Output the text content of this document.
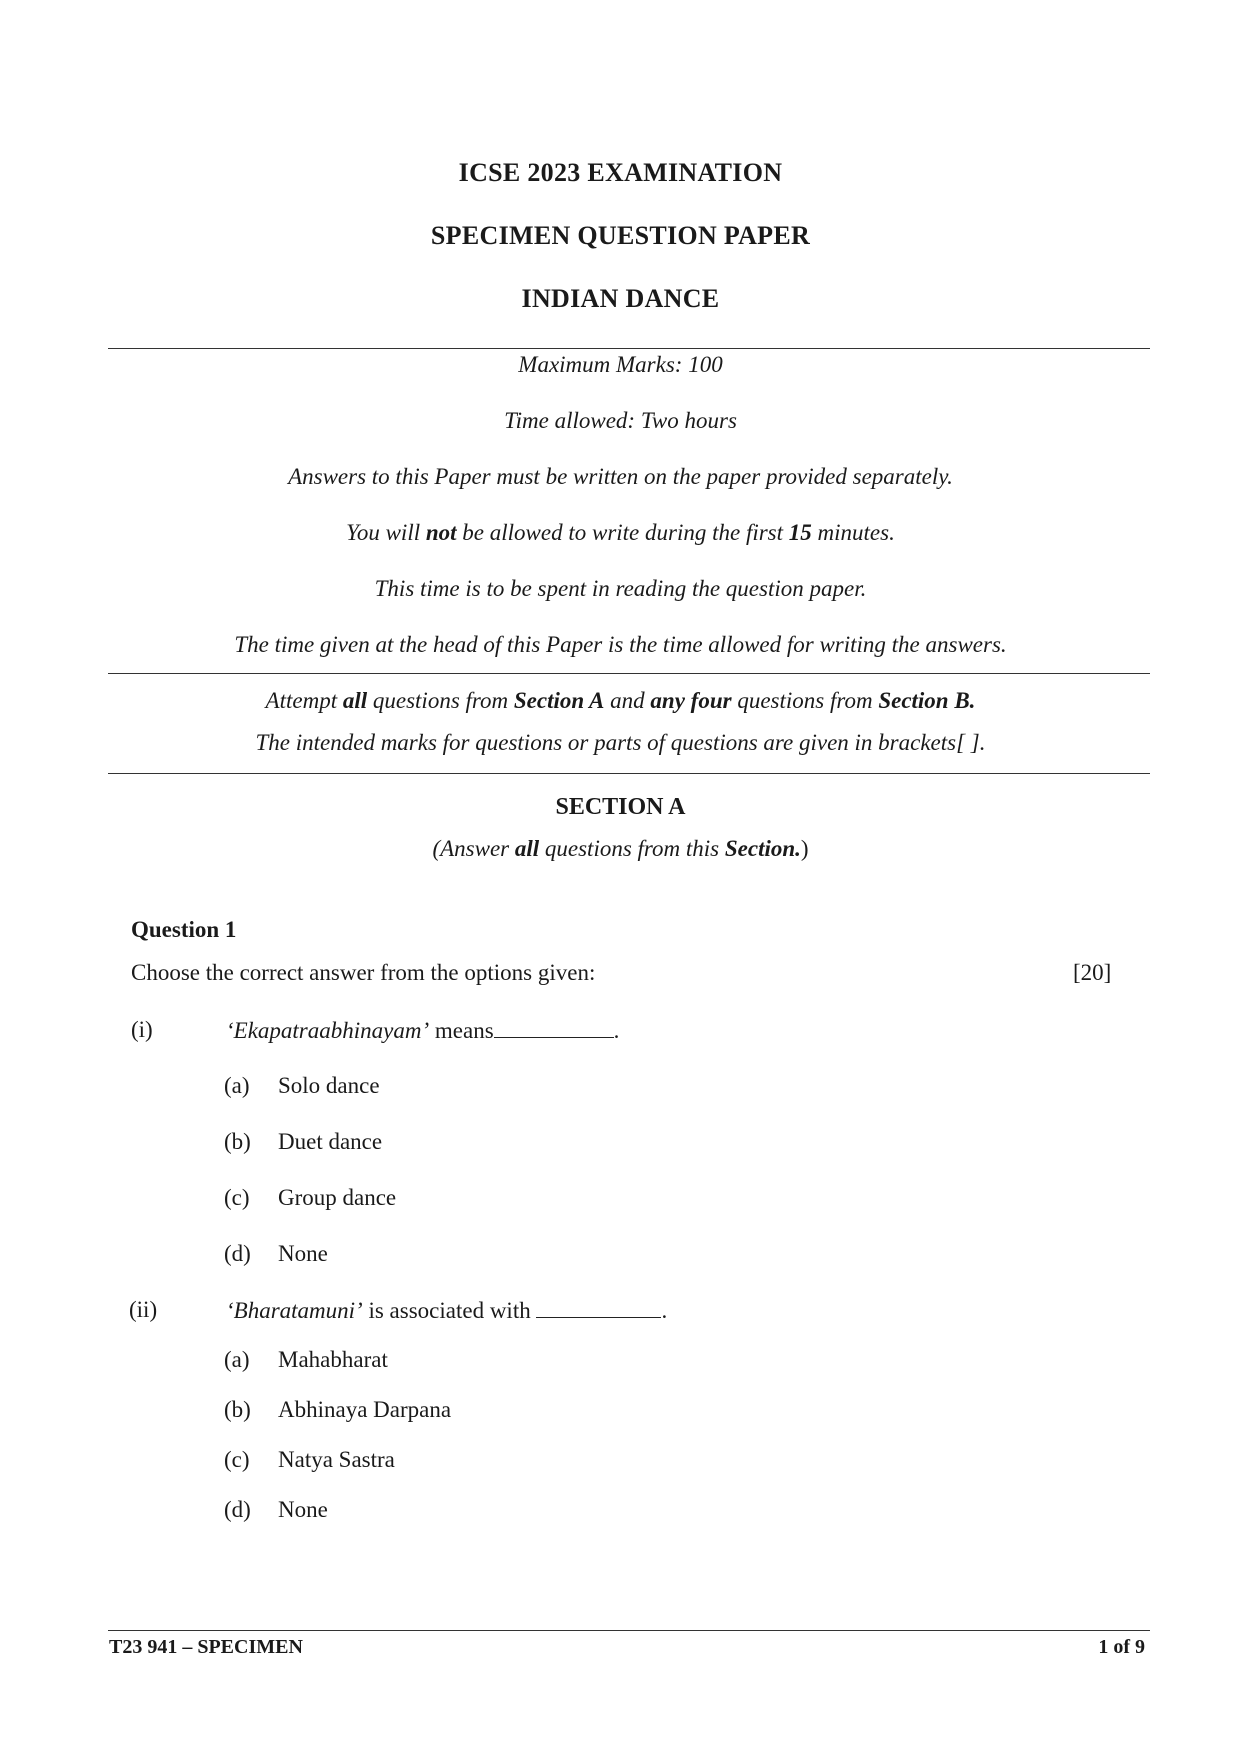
ICSE 2023 EXAMINATION
SPECIMEN QUESTION PAPER
INDIAN DANCE
Maximum Marks: 100
Time allowed: Two hours
Answers to this Paper must be written on the paper provided separately.
You will not be allowed to write during the first 15 minutes.
This time is to be spent in reading the question paper.
The time given at the head of this Paper is the time allowed for writing the answers.
Attempt all questions from Section A and any four questions from Section B.
The intended marks for questions or parts of questions are given in brackets[ ].
SECTION A
(Answer all questions from this Section.)
Question 1
Choose the correct answer from the options given:	[20]
(i)	‘Ekapatraabhinayam’ means	.
(a) Solo dance
(b) Duet dance
(c) Group dance
(d) None
(ii)	‘Bharatamuni’ is associated with	.
(a) Mahabharat
(b) Abhinaya Darpana
(c) Natya Sastra
(d) None
T23 941 – SPECIMEN	1 of 9
